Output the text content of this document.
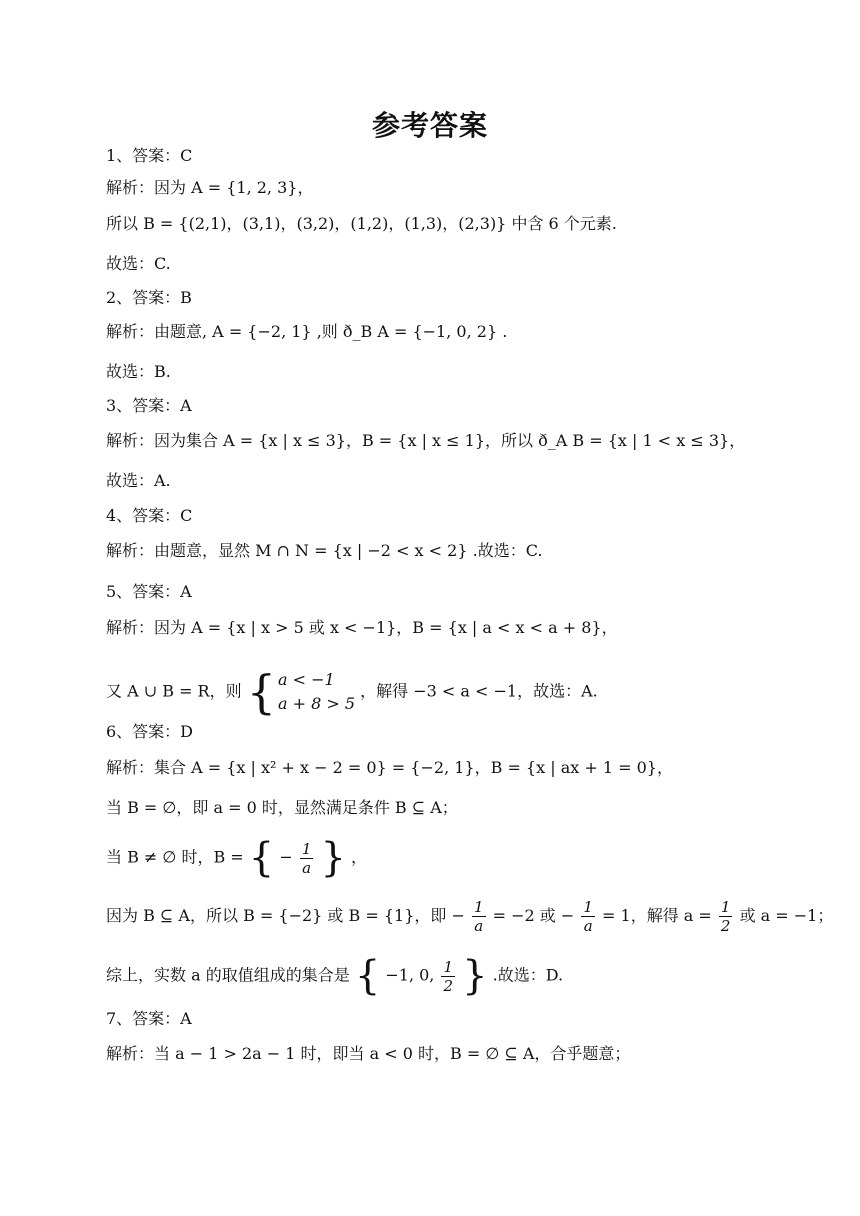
参考答案
1、答案：C
解析：因为 A = {1, 2, 3}，
所以 B = {(2,1)，(3,1)，(3,2)，(1,2)，(1,3)，(2,3)} 中含 6 个元素.
故选：C.
2、答案：B
解析：由题意, A = {−2, 1} ,则 ð_B A = {−1, 0, 2} .
故选：B.
3、答案：A
解析：因为集合 A = {x | x ≤ 3}，B = {x | x ≤ 1}，所以 ð_A B = {x | 1 < x ≤ 3}，
故选：A.
4、答案：C
解析：由题意，显然 M ∩ N = {x | −2 < x < 2} .故选：C.
5、答案：A
解析：因为 A = {x | x > 5 或 x < −1}，B = {x | a < x < a + 8}，
6、答案：D
解析：集合 A = {x | x² + x − 2 = 0} = {−2, 1}，B = {x | ax + 1 = 0}，
当 B = ∅，即 a = 0 时，显然满足条件 B ⊆ A；
7、答案：A
解析：当 a − 1 > 2a − 1 时，即当 a < 0 时，B = ∅ ⊆ A，合乎题意；
又 A ∪ B = R，则 { a < −1
a + 8 > 5
，解得 −3 < a < −1，故选：A.
当 B ≠ ∅ 时，B = { − $\frac{1}{a}$ } ，
因为 B ⊆ A，所以 B = {−2} 或 B = {1}，即 − $\frac{1}{a} = -2$ 或 − $\frac{1}{a} = 1$，解得 $a = \frac{1}{2}$ 或 a = −1；
综上，实数 a 的取值组成的集合是 { −1, 0, $\frac{1}{2}$ } .故选：D.
